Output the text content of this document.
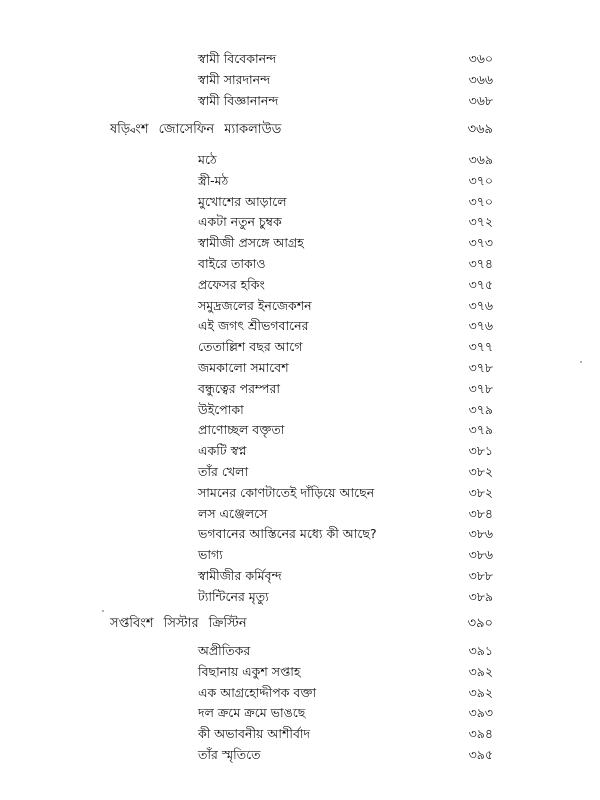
স্বামী বিবেকানন্দ	৩৬০
স্বামী সারদানন্দ	৩৬৬
স্বামী বিজ্ঞানানন্দ	৩৬৮
ষড়্বিংশ জোসেফিন ম্যাকলাউড	৩৬৯
মঠে	৩৬৯
স্ত্রী-মঠ	৩৭০
মুখোশের আড়ালে	৩৭০
একটা নতুন চুম্বক	৩৭২
স্বামীজী প্রসঙ্গে আগ্রহ	৩৭৩
বাইরে তাকাও	৩৭৪
প্রফেসর হকিং	৩৭৫
সমুদ্রজলের ইনজেকশন	৩৭৬
এই জগৎ শ্রীভগবানের	৩৭৬
তেতাল্লিশ বছর আগে	৩৭৭
জমকালো সমাবেশ	৩৭৮
বন্ধুত্বের পরম্পরা	৩৭৮
উইপোকা	৩৭৯
প্রাণোচ্ছল বক্তৃতা	৩৭৯
একটি স্বপ্ন	৩৮১
তাঁর খেলা	৩৮২
সামনের কোণটাতেই দাঁড়িয়ে আছেন	৩৮২
লস এঞ্জেলসে	৩৮৪
ভগবানের আস্তিনের মধ্যে কী আছে?	৩৮৬
ভাগ্য	৩৮৬
স্বামীজীর কর্মিবৃন্দ	৩৮৮
ট্যান্টিনের মৃত্যু	৩৮৯
সপ্তবিংশ সিস্টার ক্রিস্টিন	৩৯০
অপ্রীতিকর	৩৯১
বিছানায় একুশ সপ্তাহ	৩৯২
এক আগ্রহোদ্দীপক বক্তা	৩৯২
দল ক্রমে ক্রমে ভাঙছে	৩৯৩
কী অভাবনীয় আশীর্বাদ	৩৯৪
তাঁর স্মৃতিতে	৩৯৫
